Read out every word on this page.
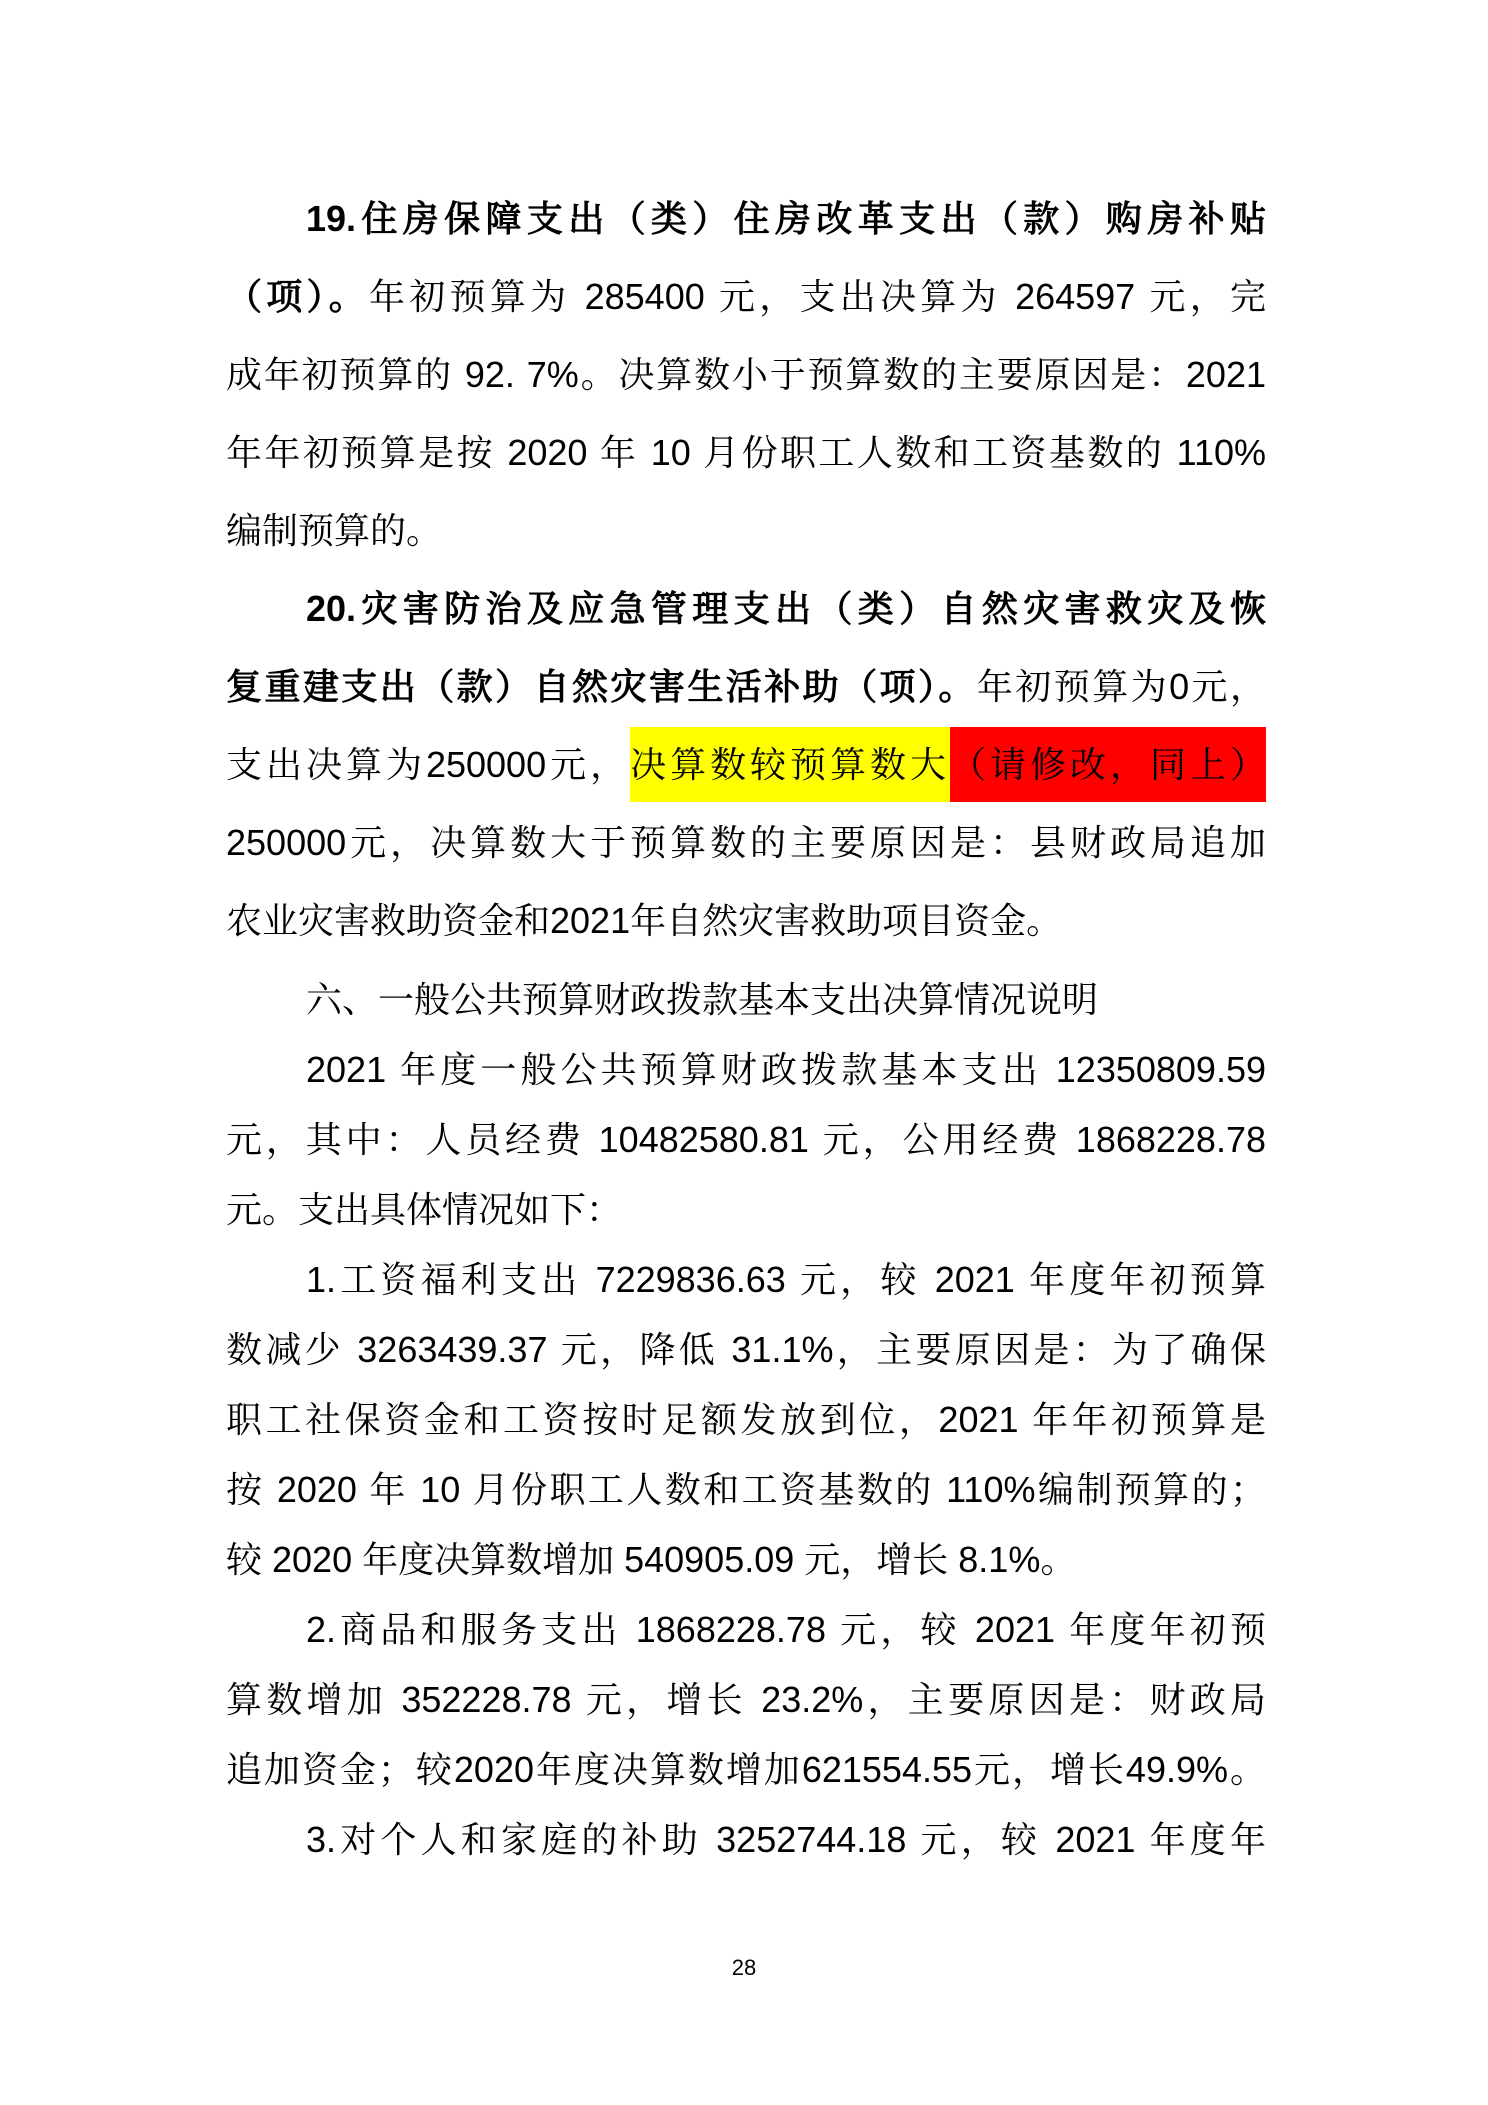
19.住房保障支出（类）住房改革支出（款）购房补贴
（项）。年初预算为 285400 元，支出决算为 264597 元，完
成年初预算的 92. 7%。决算数小于预算数的主要原因是：2021
年年初预算是按 2020 年 10 月份职工人数和工资基数的 110%
编制预算的。
20.灾害防治及应急管理支出（类）自然灾害救灾及恢
复重建支出（款）自然灾害生活补助（项）。年初预算为0元，
支出决算为250000元，决算数较预算数大（请修改，同上）
250000元，决算数大于预算数的主要原因是：县财政局追加
农业灾害救助资金和2021年自然灾害救助项目资金。
六、一般公共预算财政拨款基本支出决算情况说明
2021 年度一般公共预算财政拨款基本支出 12350809.59
元，其中：人员经费 10482580.81 元，公用经费 1868228.78
元。支出具体情况如下：
1.工资福利支出 7229836.63 元，较 2021 年度年初预算
数减少 3263439.37 元，降低 31.1%，主要原因是：为了确保
职工社保资金和工资按时足额发放到位，2021 年年初预算是
按 2020 年 10 月份职工人数和工资基数的 110%编制预算的；
较 2020 年度决算数增加 540905.09 元，增长 8.1%。
2.商品和服务支出 1868228.78 元，较 2021 年度年初预
算数增加 352228.78 元，增长 23.2%，主要原因是：财政局
追加资金；较2020年度决算数增加621554.55元，增长49.9%。
3.对个人和家庭的补助 3252744.18 元，较 2021 年度年
28
